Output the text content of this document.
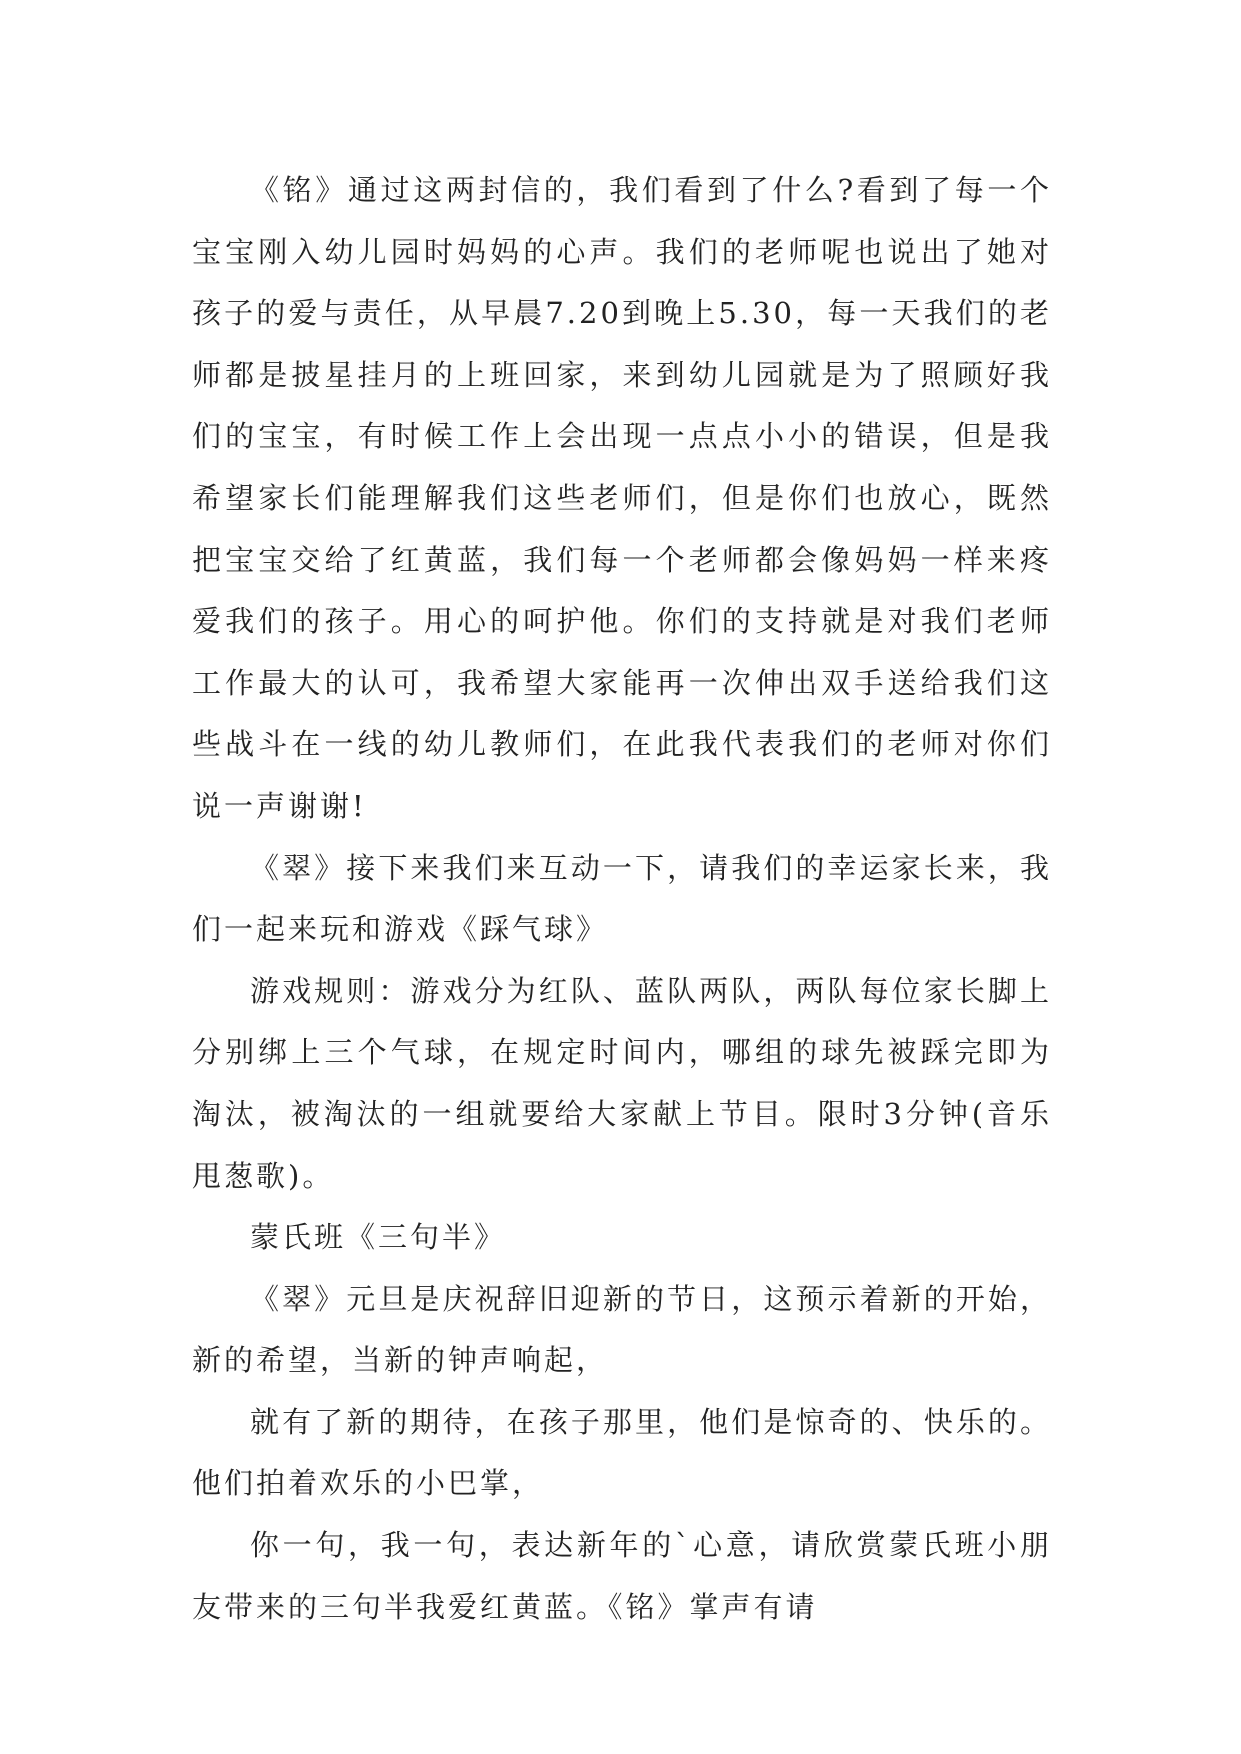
《铭》通过这两封信的，我们看到了什么?看到了每一个宝宝刚入幼儿园时妈妈的心声。我们的老师呢也说出了她对孩子的爱与责任，从早晨7.20到晚上5.30，每一天我们的老师都是披星挂月的上班回家，来到幼儿园就是为了照顾好我们的宝宝，有时候工作上会出现一点点小小的错误，但是我希望家长们能理解我们这些老师们，但是你们也放心，既然把宝宝交给了红黄蓝，我们每一个老师都会像妈妈一样来疼爱我们的孩子。用心的呵护他。你们的支持就是对我们老师工作最大的认可，我希望大家能再一次伸出双手送给我们这些战斗在一线的幼儿教师们，在此我代表我们的老师对你们说一声谢谢!

《翠》接下来我们来互动一下，请我们的幸运家长来，我们一起来玩和游戏《踩气球》

游戏规则：游戏分为红队、蓝队两队，两队每位家长脚上分别绑上三个气球，在规定时间内，哪组的球先被踩完即为淘汰，被淘汰的一组就要给大家献上节目。限时3分钟(音乐甩葱歌)。

蒙氏班《三句半》

《翠》元旦是庆祝辞旧迎新的节日，这预示着新的开始，新的希望，当新的钟声响起，

就有了新的期待，在孩子那里，他们是惊奇的、快乐的。他们拍着欢乐的小巴掌，

你一句，我一句，表达新年的`心意，请欣赏蒙氏班小朋友带来的三句半我爱红黄蓝。《铭》掌声有请
